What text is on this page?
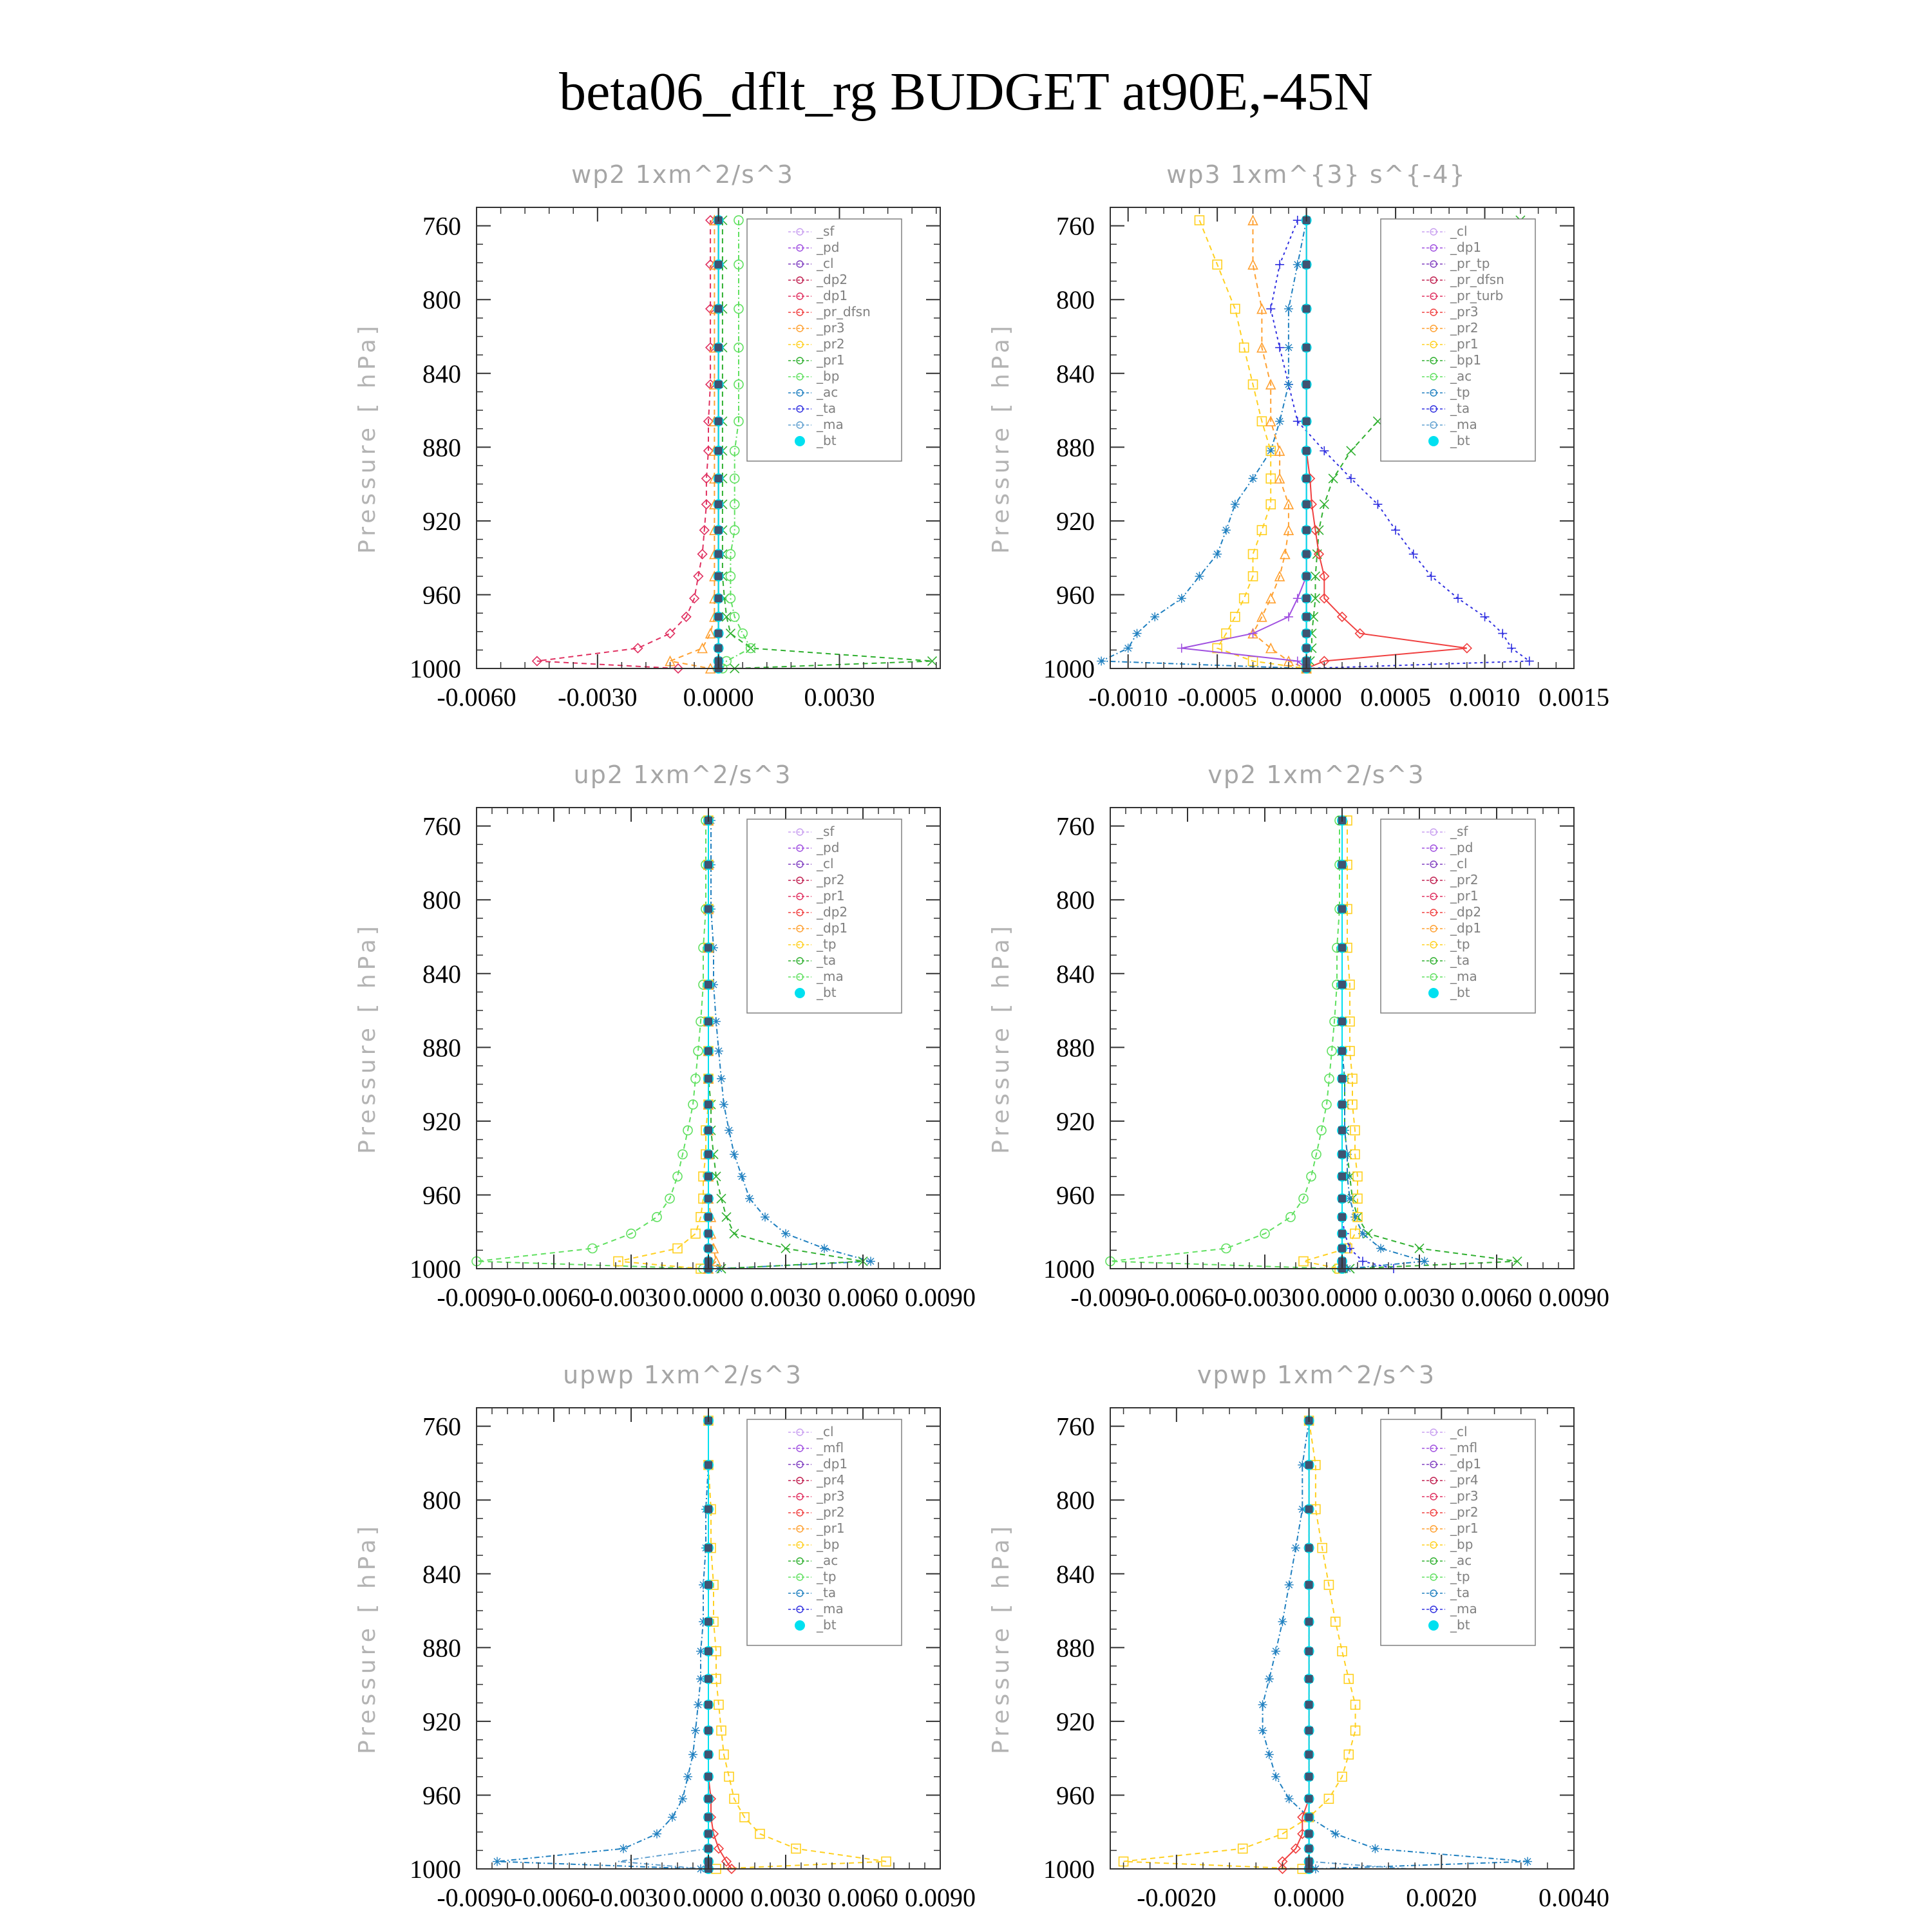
beta06_dflt_rg BUDGET at90E,-45N
wp2 1xm^2/s^3
Pressure [ hPa]
760
800
840
880
920
960
1000
-0.0060 -0.0030 0.0000 0.0030
_sf
_pd
_cl
_dp2
_dp1
_pr_dfsn
_pr3
_pr2
_pr1
_bp
_ac
_ta
_ma
_bt
wp3 1xm^{3} s^{-4}
Pressure [ hPa]
760
800
840
880
920
960
1000
-0.0010 -0.0005 0.0000 0.0005 0.0010 0.0015
_cl
_dp1
_pr_tp
_pr_dfsn
_pr_turb
_pr3
_pr2
_pr1
_bp1
_ac
_tp
_ta
_ma
_bt
up2 1xm^2/s^3
Pressure [ hPa]
760
800
840
880
920
960
1000
-0.0090
-0.0060
-0.0030 0.0000 0.0030 0.0060 0.0090
_sf
_pd
_cl
_pr2
_pr1
_dp2
_dp1
_tp
_ta
_ma
_bt
vp2 1xm^2/s^3
Pressure [ hPa]
760
800
840
880
920
960
1000
-0.0090
-0.0060
-0.0030 0.0000 0.0030 0.0060 0.0090
_sf
_pd
_cl
_pr2
_pr1
_dp2
_dp1
_tp
_ta
_ma
_bt
upwp 1xm^2/s^3
Pressure [ hPa]
760
800
840
880
920
960
1000
-0.0090
-0.0060
-0.0030 0.0000 0.0030 0.0060 0.0090
_cl
_mfl
_dp1
_pr4
_pr3
_pr2
_pr1
_bp
_ac
_tp
_ta
_ma
_bt
vpwp 1xm^2/s^3
Pressure [ hPa]
760
800
840
880
920
960
1000
-0.0020 0.0000 0.0020 0.0040
_cl
_mfl
_dp1
_pr4
_pr3
_pr2
_pr1
_bp
_ac
_tp
_ta
_ma
_bt
